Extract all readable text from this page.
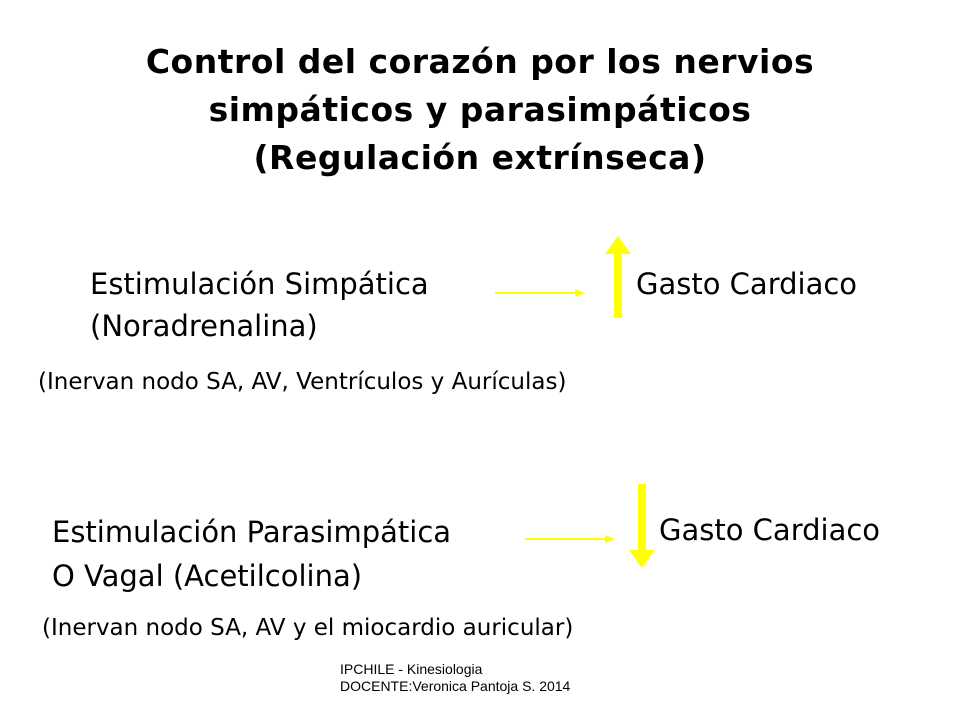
Control del corazón por los nervios
simpáticos y parasimpáticos
(Regulación extrínseca)
Estimulación Simpática
(Noradrenalina)
Gasto Cardiaco
(Inervan nodo SA, AV, Ventrículos y Aurículas)
Estimulación Parasimpática
O Vagal (Acetilcolina)
Gasto Cardiaco
(Inervan nodo SA, AV y el miocardio auricular)
IPCHILE - Kinesiologia
DOCENTE:Veronica Pantoja S. 2014
